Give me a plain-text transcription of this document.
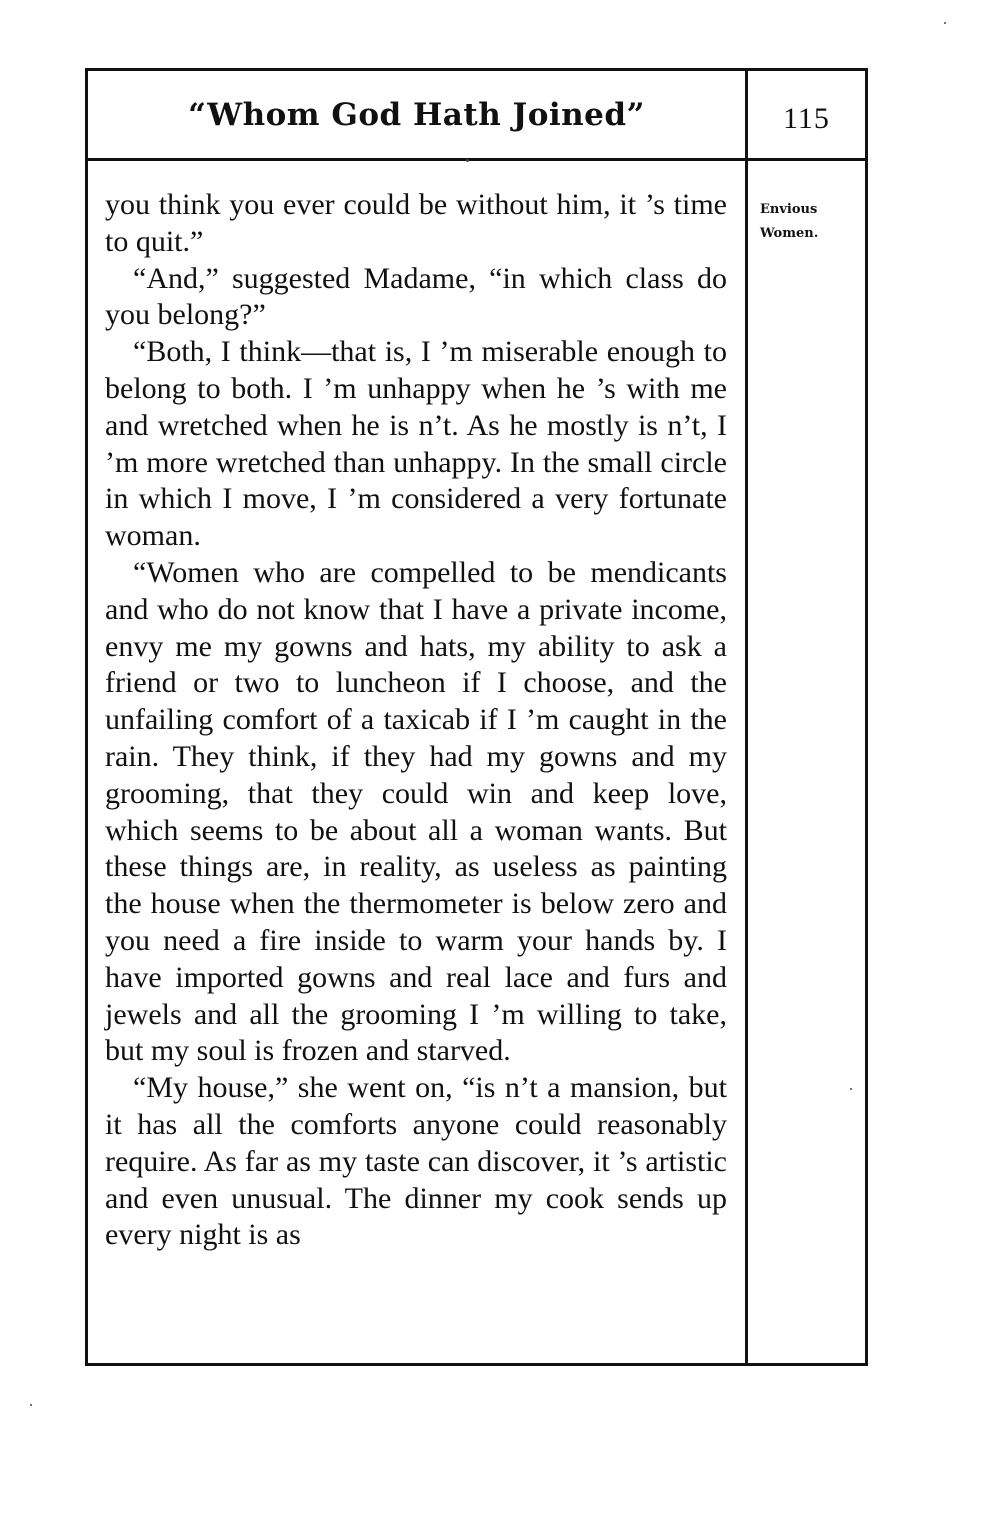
“Whom God Hath Joined”	115
Envious
Women.

you think you ever could be without him, it ’s time to quit.”

“And,” suggested Madame, “in which class do you belong?”

“Both, I think—that is, I ’m miserable enough to belong to both. I ’m unhappy when he ’s with me and wretched when he is n’t. As he mostly is n’t, I ’m more wretched than unhappy. In the small circle in which I move, I ’m considered a very fortunate woman.

“Women who are compelled to be mendicants and who do not know that I have a private income, envy me my gowns and hats, my ability to ask a friend or two to luncheon if I choose, and the unfailing comfort of a taxicab if I ’m caught in the rain. They think, if they had my gowns and my grooming, that they could win and keep love, which seems to be about all a woman wants. But these things are, in reality, as useless as painting the house when the thermometer is below zero and you need a fire inside to warm your hands by. I have imported gowns and real lace and furs and jewels and all the grooming I ’m willing to take, but my soul is frozen and starved.

“My house,” she went on, “is n’t a mansion, but it has all the comforts anyone could reasonably require. As far as my taste can discover, it ’s artistic and even unusual. The dinner my cook sends up every night is as
